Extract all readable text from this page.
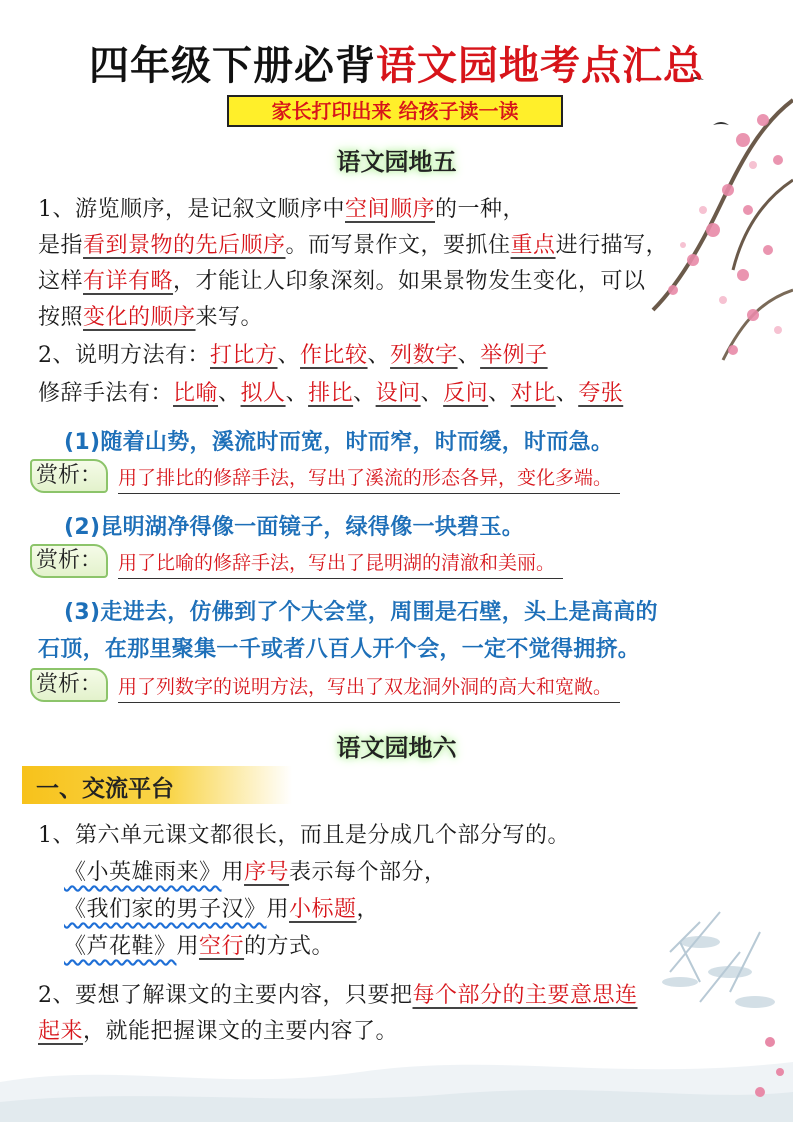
四年级下册必背语文园地考点汇总
家长打印出来 给孩子读一读
语文园地五
1、游览顺序，是记叙文顺序中空间顺序的一种，
是指看到景物的先后顺序。而写景作文，要抓住重点进行描写，
这样有详有略，才能让人印象深刻。如果景物发生变化，可以
按照变化的顺序来写。
2、说明方法有：打比方、作比较、列数字、举例子
修辞手法有：比喻、拟人、排比、设问、反问、对比、夸张
(1)随着山势，溪流时而宽，时而窄，时而缓，时而急。
赏析： 用了排比的修辞手法，写出了溪流的形态各异，变化多端。
(2)昆明湖净得像一面镜子，绿得像一块碧玉。
赏析： 用了比喻的修辞手法，写出了昆明湖的清澈和美丽。
(3)走进去，仿佛到了个大会堂，周围是石壁，头上是高高的
石顶，在那里聚集一千或者八百人开个会，一定不觉得拥挤。
赏析： 用了列数字的说明方法，写出了双龙洞外洞的高大和宽敞。
语文园地六
一、交流平台
1、第六单元课文都很长，而且是分成几个部分写的。
《小英雄雨来》用序号表示每个部分，
《我们家的男子汉》用小标题，
《芦花鞋》用空行的方式。
2、要想了解课文的主要内容，只要把每个部分的主要意思连
起来，就能把握课文的主要内容了。
